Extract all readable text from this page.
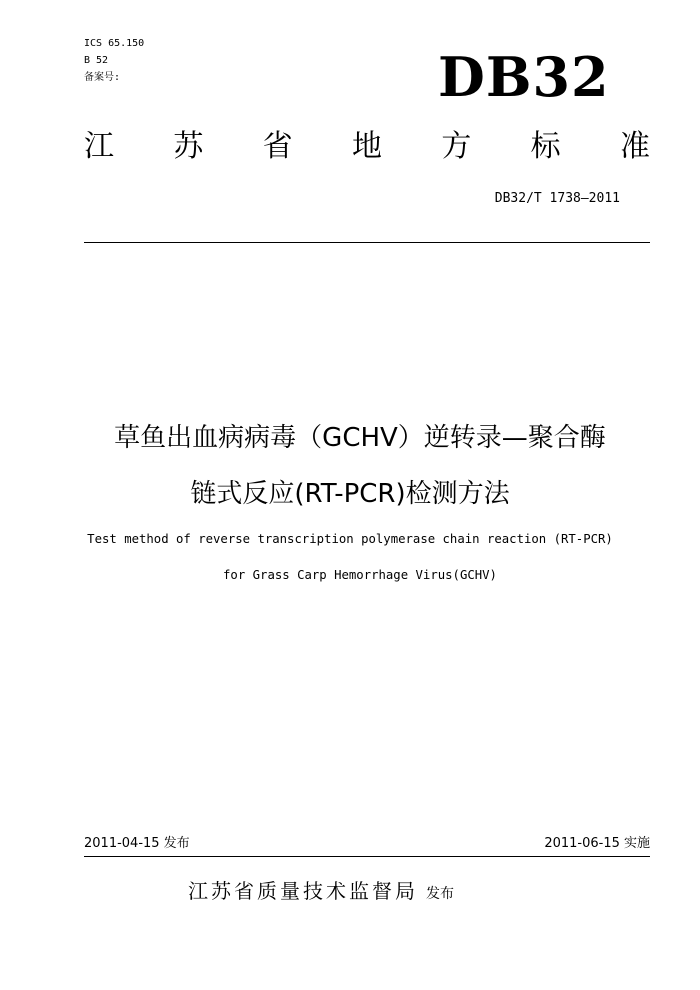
ICS 65.150
B 52
备案号:	DB32
江 苏 省 地 方 标 准
DB32/T 1738—2011
草鱼出血病病毒（GCHV）逆转录—聚合酶
链式反应(RT-PCR)检测方法
Test method of reverse transcription polymerase chain reaction (RT-PCR)
for Grass Carp Hemorrhage Virus(GCHV)
2011-04-15 发布	2011-06-15 实施
江苏省质量技术监督局 发布
